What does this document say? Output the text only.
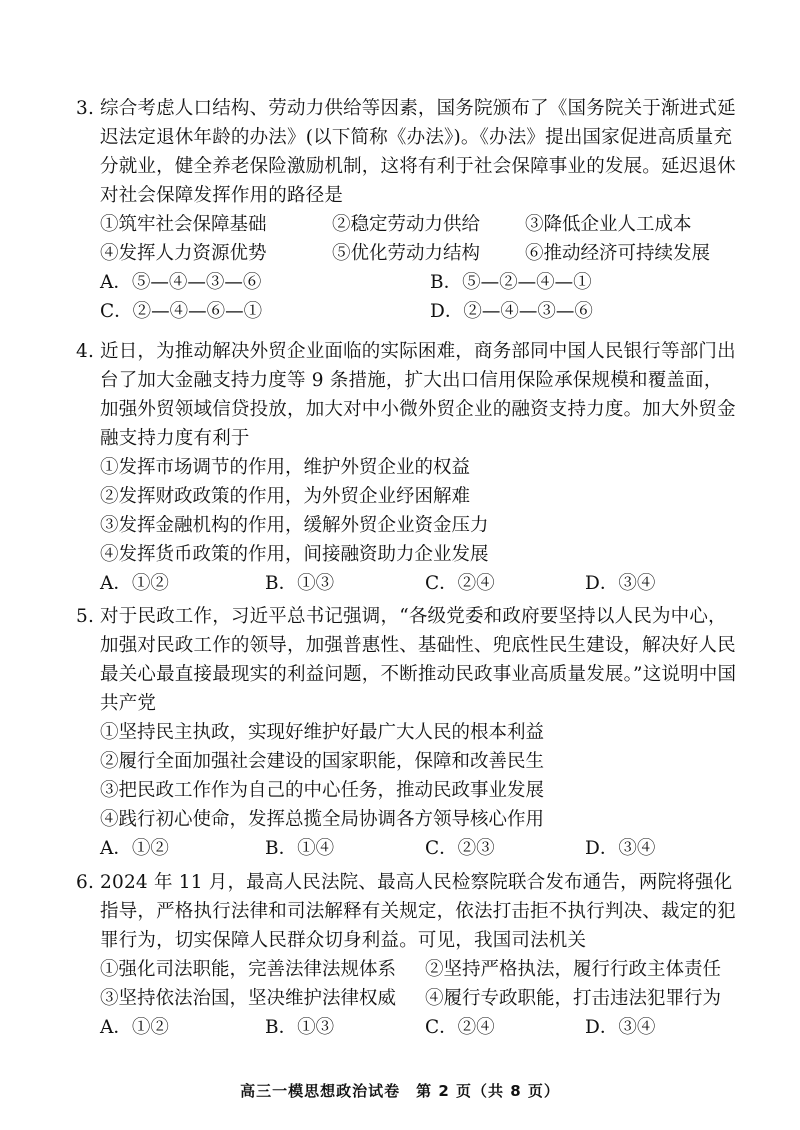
3. 综合考虑人口结构、劳动力供给等因素，国务院颁布了《国务院关于渐进式延迟法定退休年龄的办法》(以下简称《办法》)。《办法》提出国家促进高质量充分就业，健全养老保险激励机制，这将有利于社会保障事业的发展。延迟退休对社会保障发挥作用的路径是
①筑牢社会保障基础	②稳定劳动力供给 ③降低企业人工成本
④发挥人力资源优势	⑤优化劳动力结构 ⑥推动经济可持续发展
A．⑤—④—③—⑥	B．⑤—②—④—①
C．②—④—⑥—①	D．②—④—③—⑥
4. 近日，为推动解决外贸企业面临的实际困难，商务部同中国人民银行等部门出台了加大金融支持力度等 9 条措施，扩大出口信用保险承保规模和覆盖面，加强外贸领域信贷投放，加大对中小微外贸企业的融资支持力度。加大外贸金融支持力度有利于
①发挥市场调节的作用，维护外贸企业的权益
②发挥财政政策的作用，为外贸企业纾困解难
③发挥金融机构的作用，缓解外贸企业资金压力
④发挥货币政策的作用，间接融资助力企业发展
A．①②	B．①③	C．②④	D．③④
5. 对于民政工作，习近平总书记强调，“各级党委和政府要坚持以人民为中心，加强对民政工作的领导，加强普惠性、基础性、兜底性民生建设，解决好人民最关心最直接最现实的利益问题，不断推动民政事业高质量发展。”这说明中国共产党
①坚持民主执政，实现好维护好最广大人民的根本利益
②履行全面加强社会建设的国家职能，保障和改善民生
③把民政工作作为自己的中心任务，推动民政事业发展
④践行初心使命，发挥总揽全局协调各方领导核心作用
A．①②	B．①④	C．②③	D．③④
6. 2024 年 11 月，最高人民法院、最高人民检察院联合发布通告，两院将强化指导，严格执行法律和司法解释有关规定，依法打击拒不执行判决、裁定的犯罪行为，切实保障人民群众切身利益。可见，我国司法机关
①强化司法职能，完善法律法规体系 ②坚持严格执法，履行行政主体责任
③坚持依法治国，坚决维护法律权威 ④履行专政职能，打击违法犯罪行为
A．①②	B．①③	C．②④	D．③④
高三一模思想政治试卷　第 2 页（共 8 页）
